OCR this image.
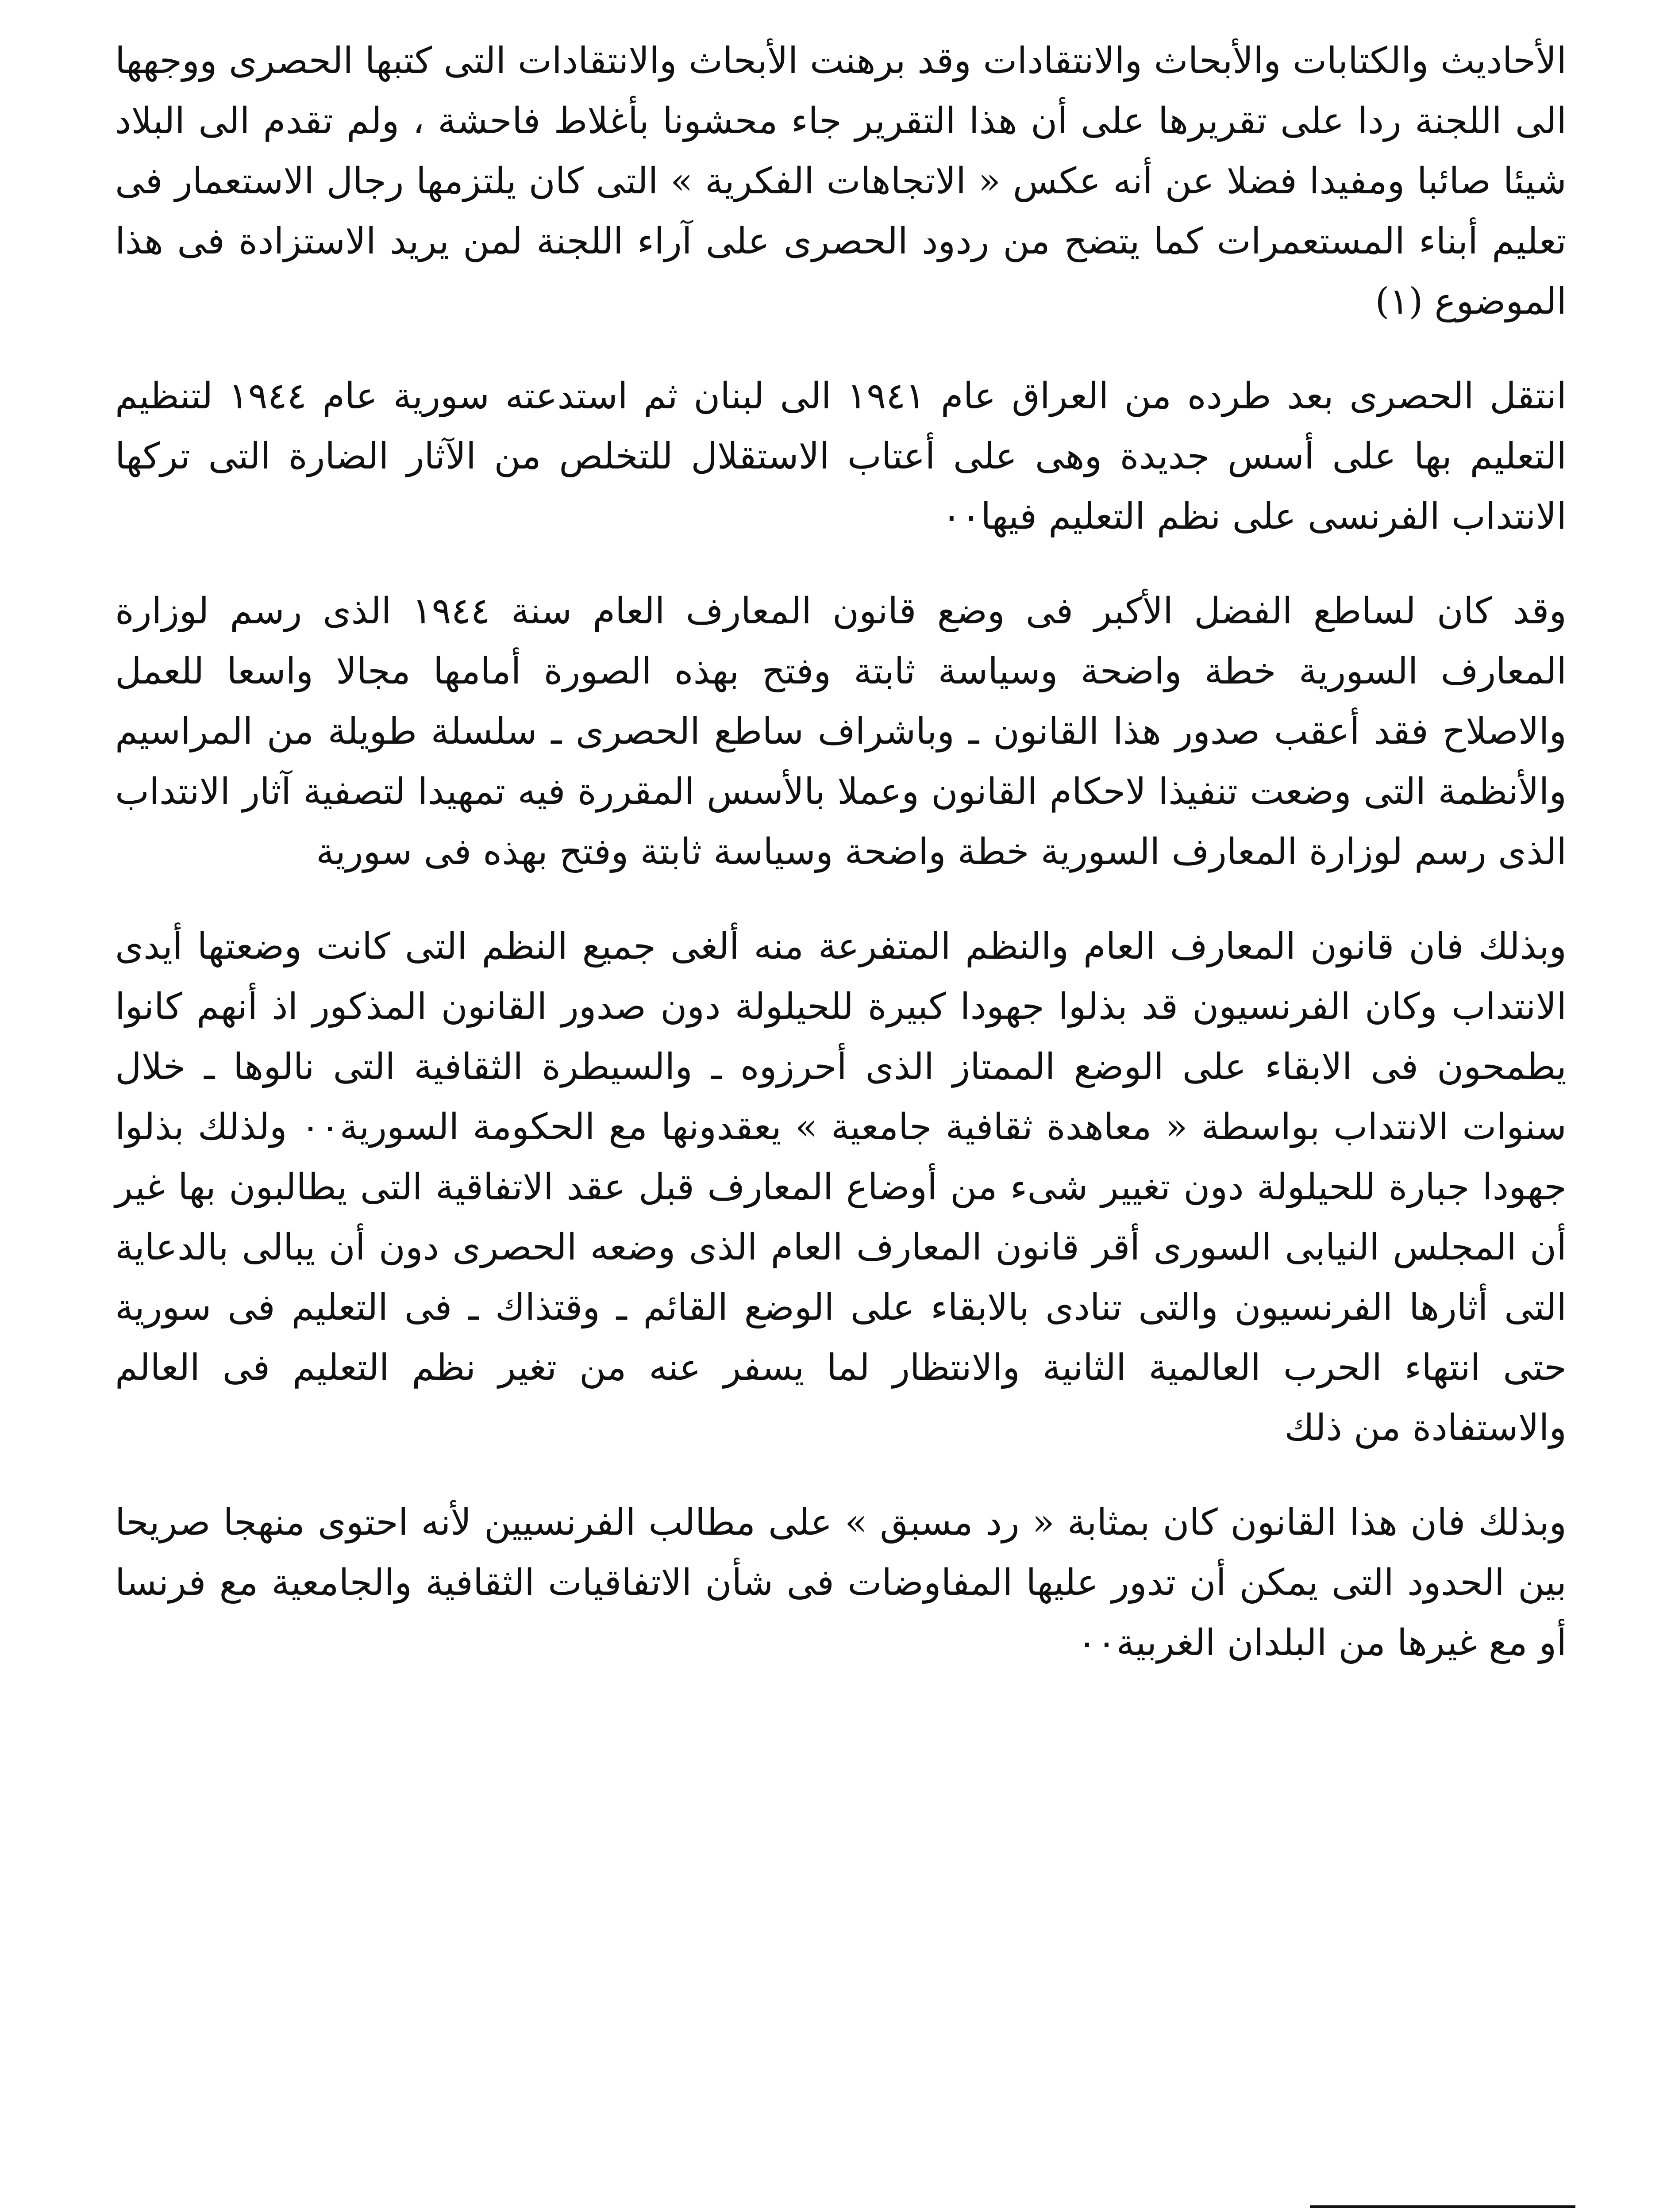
الأحاديث والكتابات والأبحاث والانتقادات وقد برهنت الأبحاث والانتقادات التى كتبها الحصرى ووجهها الى اللجنة ردا على تقريرها على أن هذا التقرير جاء محشونا بأغلاط فاحشة ، ولم تقدم الى البلاد شيئا صائبا ومفيدا فضلا عن أنه عكس « الاتجاهات الفكرية » التى كان يلتزمها رجال الاستعمار فى تعليم أبناء المستعمرات كما يتضح من ردود الحصرى على آراء اللجنة لمن يريد الاستزادة فى هذا الموضوع (١)

انتقل الحصرى بعد طرده من العراق عام ١٩٤١ الى لبنان ثم استدعته سورية عام ١٩٤٤ لتنظيم التعليم بها على أسس جديدة وهى على أعتاب الاستقلال للتخلص من الآثار الضارة التى تركها الانتداب الفرنسى على نظم التعليم فيها٠٠

وقد كان لساطع الفضل الأكبر فى وضع قانون المعارف العام سنة ١٩٤٤ الذى رسم لوزارة المعارف السورية خطة واضحة وسياسة ثابتة وفتح بهذه الصورة أمامها مجالا واسعا للعمل والاصلاح فقد أعقب صدور هذا القانون ـ وباشراف ساطع الحصرى ـ سلسلة طويلة من المراسيم والأنظمة التى وضعت تنفيذا لاحكام القانون وعملا بالأسس المقررة فيه تمهيدا لتصفية آثار الانتداب الذى رسم لوزارة المعارف السورية خطة واضحة وسياسة ثابتة وفتح بهذه فى سورية

وبذلك فان قانون المعارف العام والنظم المتفرعة منه ألغى جميع النظم التى كانت وضعتها أيدى الانتداب وكان الفرنسيون قد بذلوا جهودا كبيرة للحيلولة دون صدور القانون المذكور اذ أنهم كانوا يطمحون فى الابقاء على الوضع الممتاز الذى أحرزوه ـ والسيطرة الثقافية التى نالوها ـ خلال سنوات الانتداب بواسطة « معاهدة ثقافية جامعية » يعقدونها مع الحكومة السورية٠٠ ولذلك بذلوا جهودا جبارة للحيلولة دون تغيير شىء من أوضاع المعارف قبل عقد الاتفاقية التى يطالبون بها غير أن المجلس النيابى السورى أقر قانون المعارف العام الذى وضعه الحصرى دون أن يبالى بالدعاية التى أثارها الفرنسيون والتى تنادى بالابقاء على الوضع القائم ـ وقتذاك ـ فى التعليم فى سورية حتى انتهاء الحرب العالمية الثانية والانتظار لما يسفر عنه من تغير نظم التعليم فى العالم والاستفادة من ذلك

وبذلك فان هذا القانون كان بمثابة « رد مسبق » على مطالب الفرنسيين لأنه احتوى منهجا صريحا بين الحدود التى يمكن أن تدور عليها المفاوضات فى شأن الاتفاقيات الثقافية والجامعية مع فرنسا أو مع غيرها من البلدان الغربية٠٠
